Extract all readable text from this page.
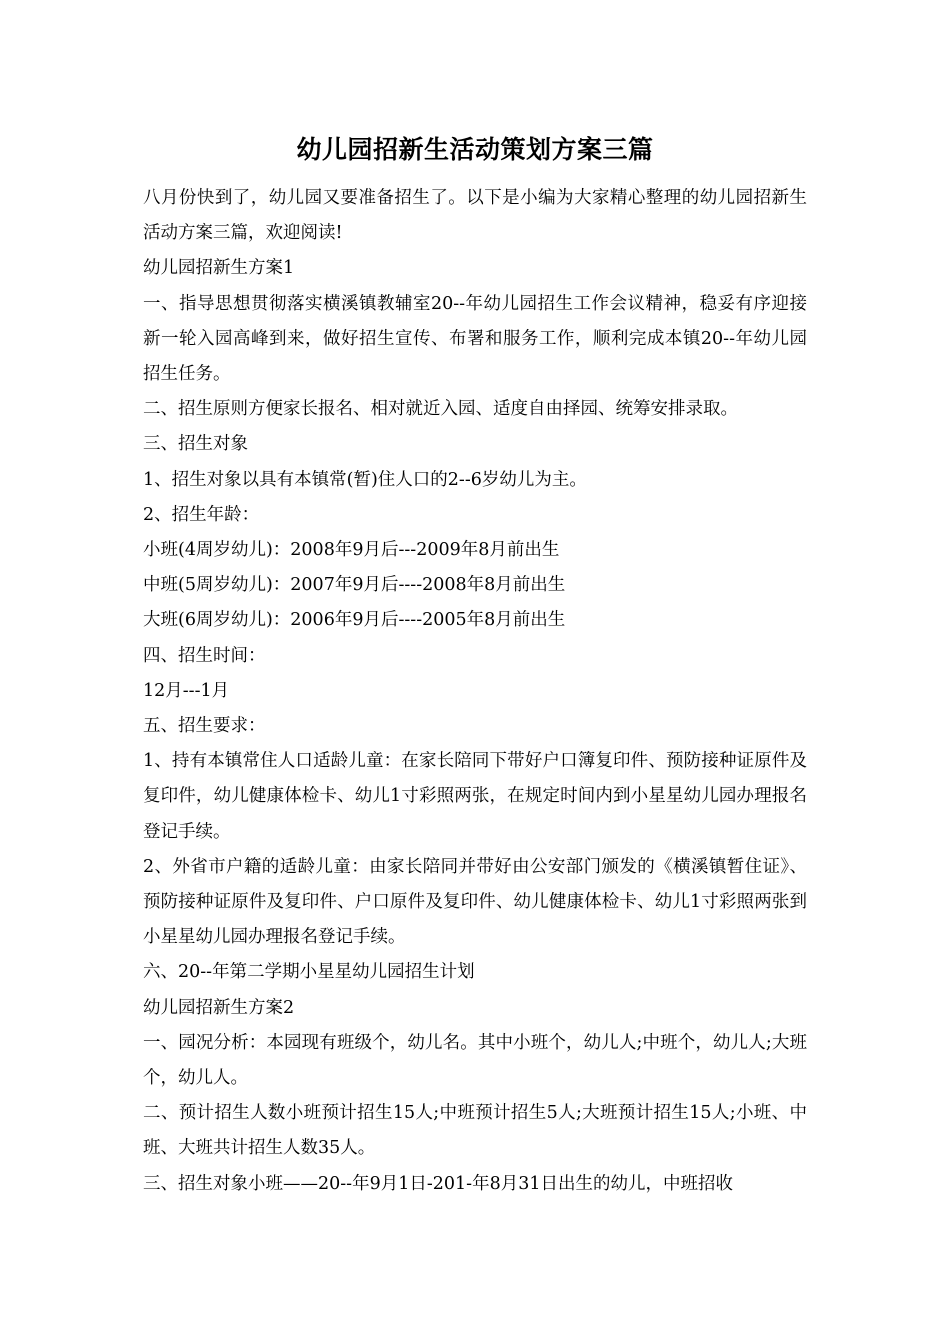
幼儿园招新生活动策划方案三篇

八月份快到了，幼儿园又要准备招生了。以下是小编为大家精心整理的幼儿园招新生活动方案三篇，欢迎阅读!

幼儿园招新生方案1

一、指导思想贯彻落实横溪镇教辅室20--年幼儿园招生工作会议精神，稳妥有序迎接新一轮入园高峰到来，做好招生宣传、布署和服务工作，顺利完成本镇20--年幼儿园招生任务。

二、招生原则方便家长报名、相对就近入园、适度自由择园、统筹安排录取。

三、招生对象

1、招生对象以具有本镇常(暂)住人口的2--6岁幼儿为主。

2、招生年龄：

小班(4周岁幼儿)：2008年9月后---2009年8月前出生

中班(5周岁幼儿)：2007年9月后----2008年8月前出生

大班(6周岁幼儿)：2006年9月后----2005年8月前出生

四、招生时间：

12月---1月

五、招生要求：

1、持有本镇常住人口适龄儿童：在家长陪同下带好户口簿复印件、预防接种证原件及复印件，幼儿健康体检卡、幼儿1寸彩照两张，在规定时间内到小星星幼儿园办理报名登记手续。

2、外省市户籍的适龄儿童：由家长陪同并带好由公安部门颁发的《横溪镇暂住证》、预防接种证原件及复印件、户口原件及复印件、幼儿健康体检卡、幼儿1寸彩照两张到小星星幼儿园办理报名登记手续。

六、20--年第二学期小星星幼儿园招生计划

幼儿园招新生方案2

一、园况分析：本园现有班级个，幼儿名。其中小班个，幼儿人;中班个，幼儿人;大班个，幼儿人。

二、预计招生人数小班预计招生15人;中班预计招生5人;大班预计招生15人;小班、中班、大班共计招生人数35人。

三、招生对象小班——20--年9月1日-201-年8月31日出生的幼儿，中班招收
